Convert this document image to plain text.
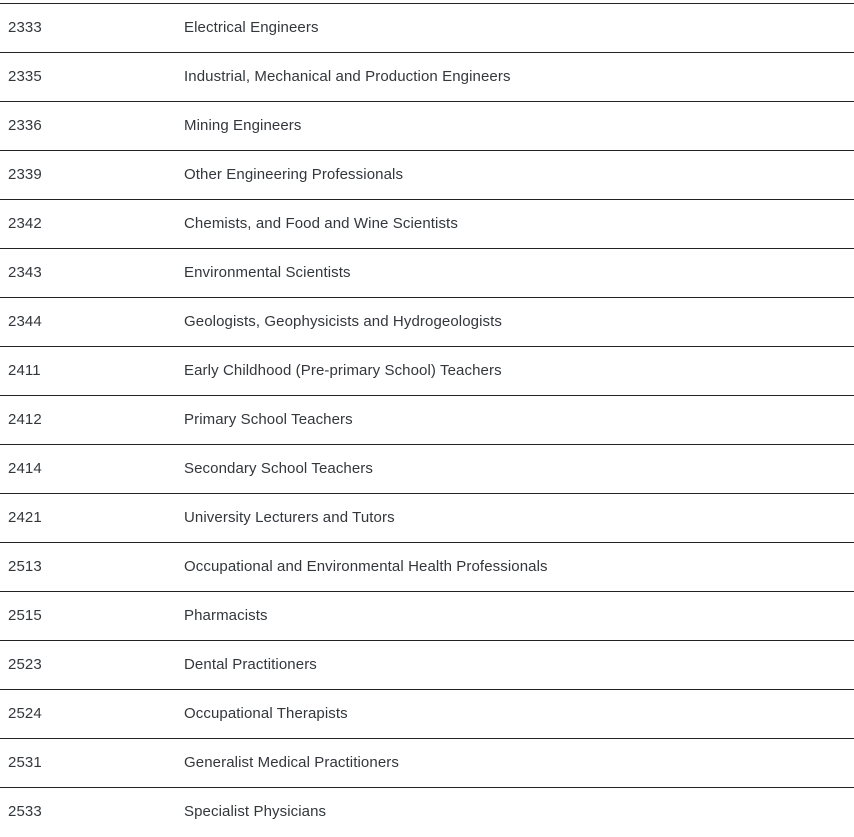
2333	Electrical Engineers
2335	Industrial, Mechanical and Production Engineers
2336	Mining Engineers
2339	Other Engineering Professionals
2342	Chemists, and Food and Wine Scientists
2343	Environmental Scientists
2344	Geologists, Geophysicists and Hydrogeologists
2411	Early Childhood (Pre-primary School) Teachers
2412	Primary School Teachers
2414	Secondary School Teachers
2421	University Lecturers and Tutors
2513	Occupational and Environmental Health Professionals
2515	Pharmacists
2523	Dental Practitioners
2524	Occupational Therapists
2531	Generalist Medical Practitioners
2533	Specialist Physicians
